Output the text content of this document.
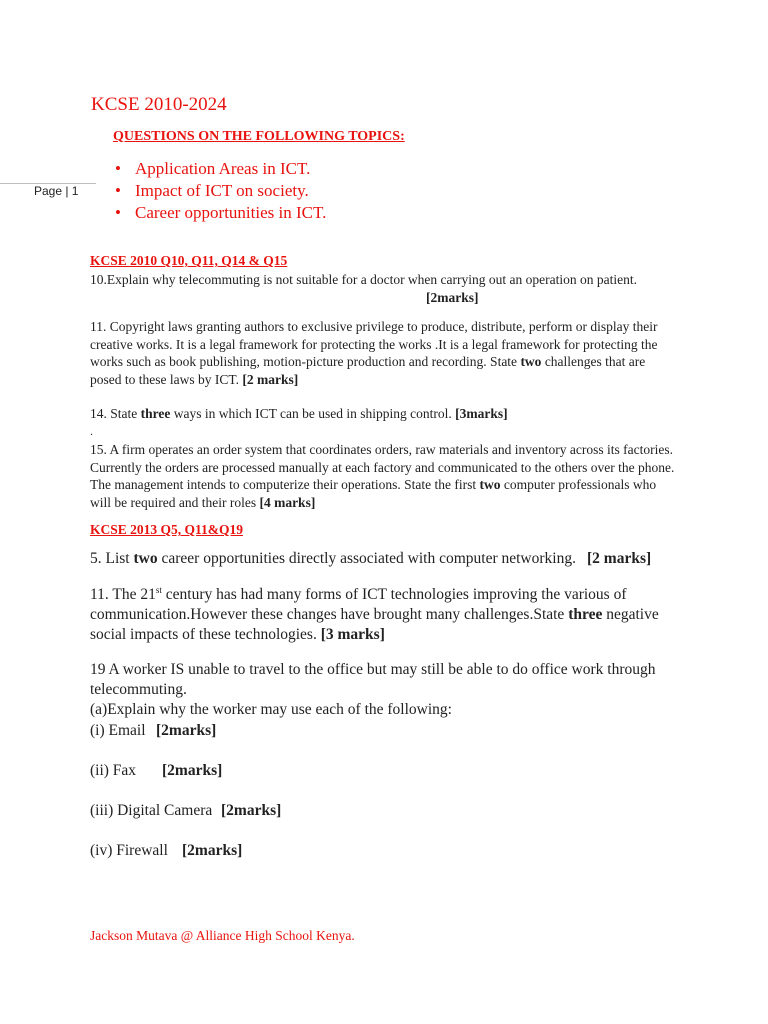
KCSE 2010-2024
QUESTIONS ON THE FOLLOWING TOPICS:
• Application Areas in ICT.
• Impact of ICT on society.
• Career opportunities in ICT.
Page | 1
KCSE 2010 Q10, Q11, Q14 & Q15
10.Explain why telecommuting is not suitable for a doctor when carrying out an operation on patient.
[2marks]
11. Copyright laws granting authors to exclusive privilege to produce, distribute, perform or display their creative works. It is a legal framework for protecting the works .It is a legal framework for protecting the works such as book publishing, motion-picture production and recording. State two challenges that are posed to these laws by ICT. [2 marks]
14. State three ways in which ICT can be used in shipping control. [3marks]
.
15. A firm operates an order system that coordinates orders, raw materials and inventory across its factories. Currently the orders are processed manually at each factory and communicated to the others over the phone. The management intends to computerize their operations. State the first two computer professionals who will be required and their roles [4 marks]
KCSE 2013 Q5, Q11&Q19
5. List two career opportunities directly associated with computer networking. [2 marks]
11. The 21st century has had many forms of ICT technologies improving the various of communication.However these changes have brought many challenges.State three negative social impacts of these technologies. [3 marks]
19 A worker IS unable to travel to the office but may still be able to do office work through telecommuting.
(a)Explain why the worker may use each of the following:
(i) Email [2marks]
(ii) Fax [2marks]
(iii) Digital Camera [2marks]
(iv) Firewall [2marks]
Jackson Mutava @ Alliance High School Kenya.
